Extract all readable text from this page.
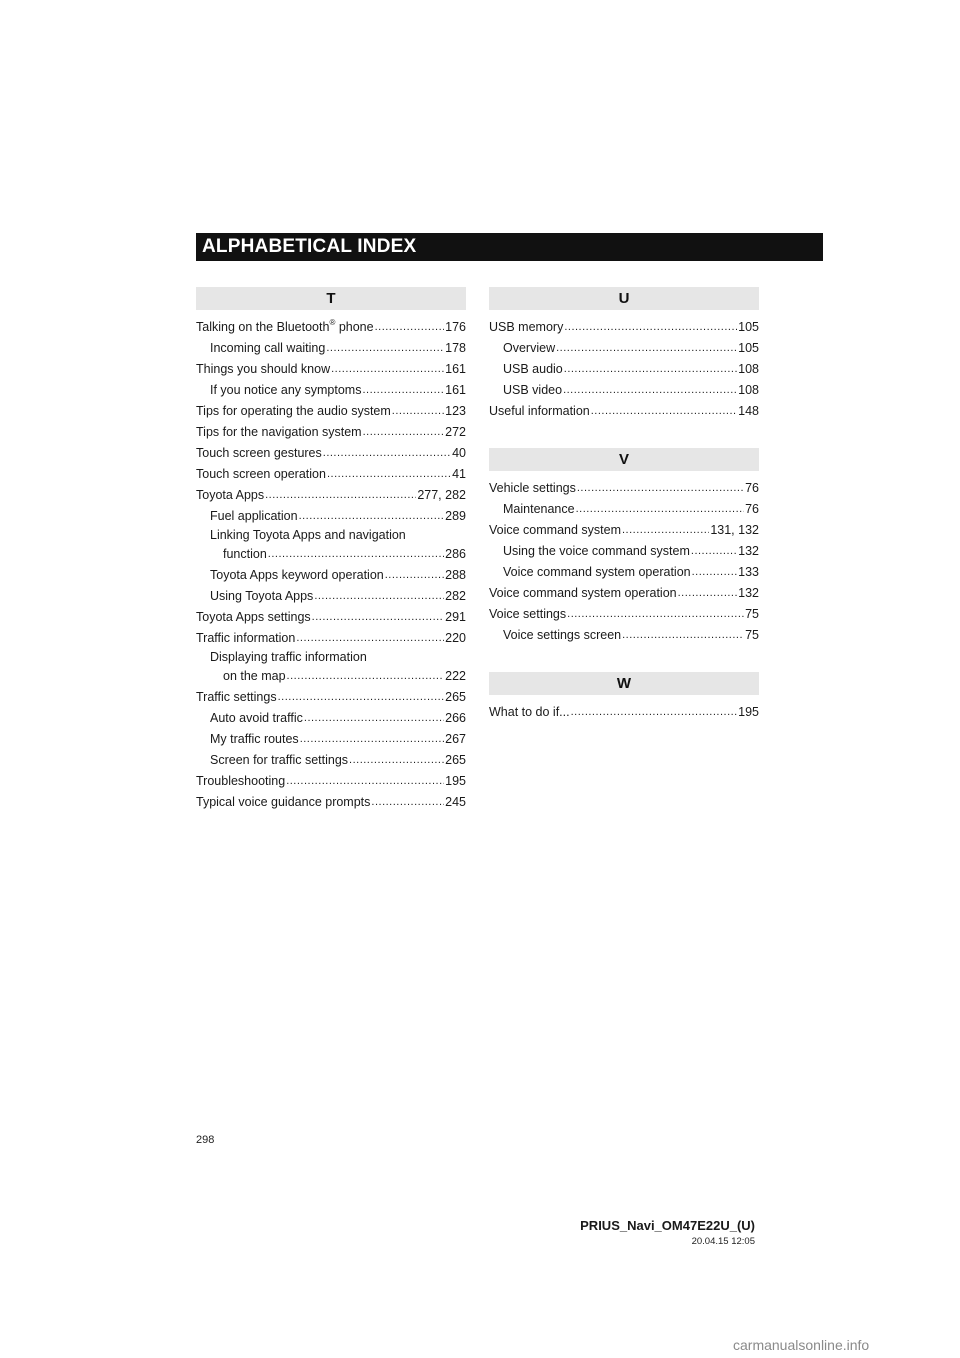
ALPHABETICAL INDEX
T
Talking on the Bluetooth® phone .....	176
Incoming call waiting .....	178
Things you should know .....	161
If you notice any symptoms .....	161
Tips for operating the audio system .....	123
Tips for the navigation system .....	272
Touch screen gestures .....	40
Touch screen operation .....	41
Toyota Apps .....	277, 282
Fuel application .....	289
Linking Toyota Apps and navigation
function .....	286
Toyota Apps keyword operation .....	288
Using Toyota Apps .....	282
Toyota Apps settings .....	291
Traffic information .....	220
Displaying traffic information
on the map .....	222
Traffic settings .....	265
Auto avoid traffic .....	266
My traffic routes .....	267
Screen for traffic settings .....	265
Troubleshooting .....	195
Typical voice guidance prompts .....	245
U
USB memory .....	105
Overview .....	105
USB audio .....	108
USB video .....	108
Useful information .....	148
V
Vehicle settings .....	76
Maintenance .....	76
Voice command system .....	131, 132
Using the voice command system .....	132
Voice command system operation .....	133
Voice command system operation .....	132
Voice settings .....	75
Voice settings screen .....	75
W
What to do if... .....	195
298
PRIUS_Navi_OM47E22U_(U)
20.04.15 12:05
carmanualsonline.info
